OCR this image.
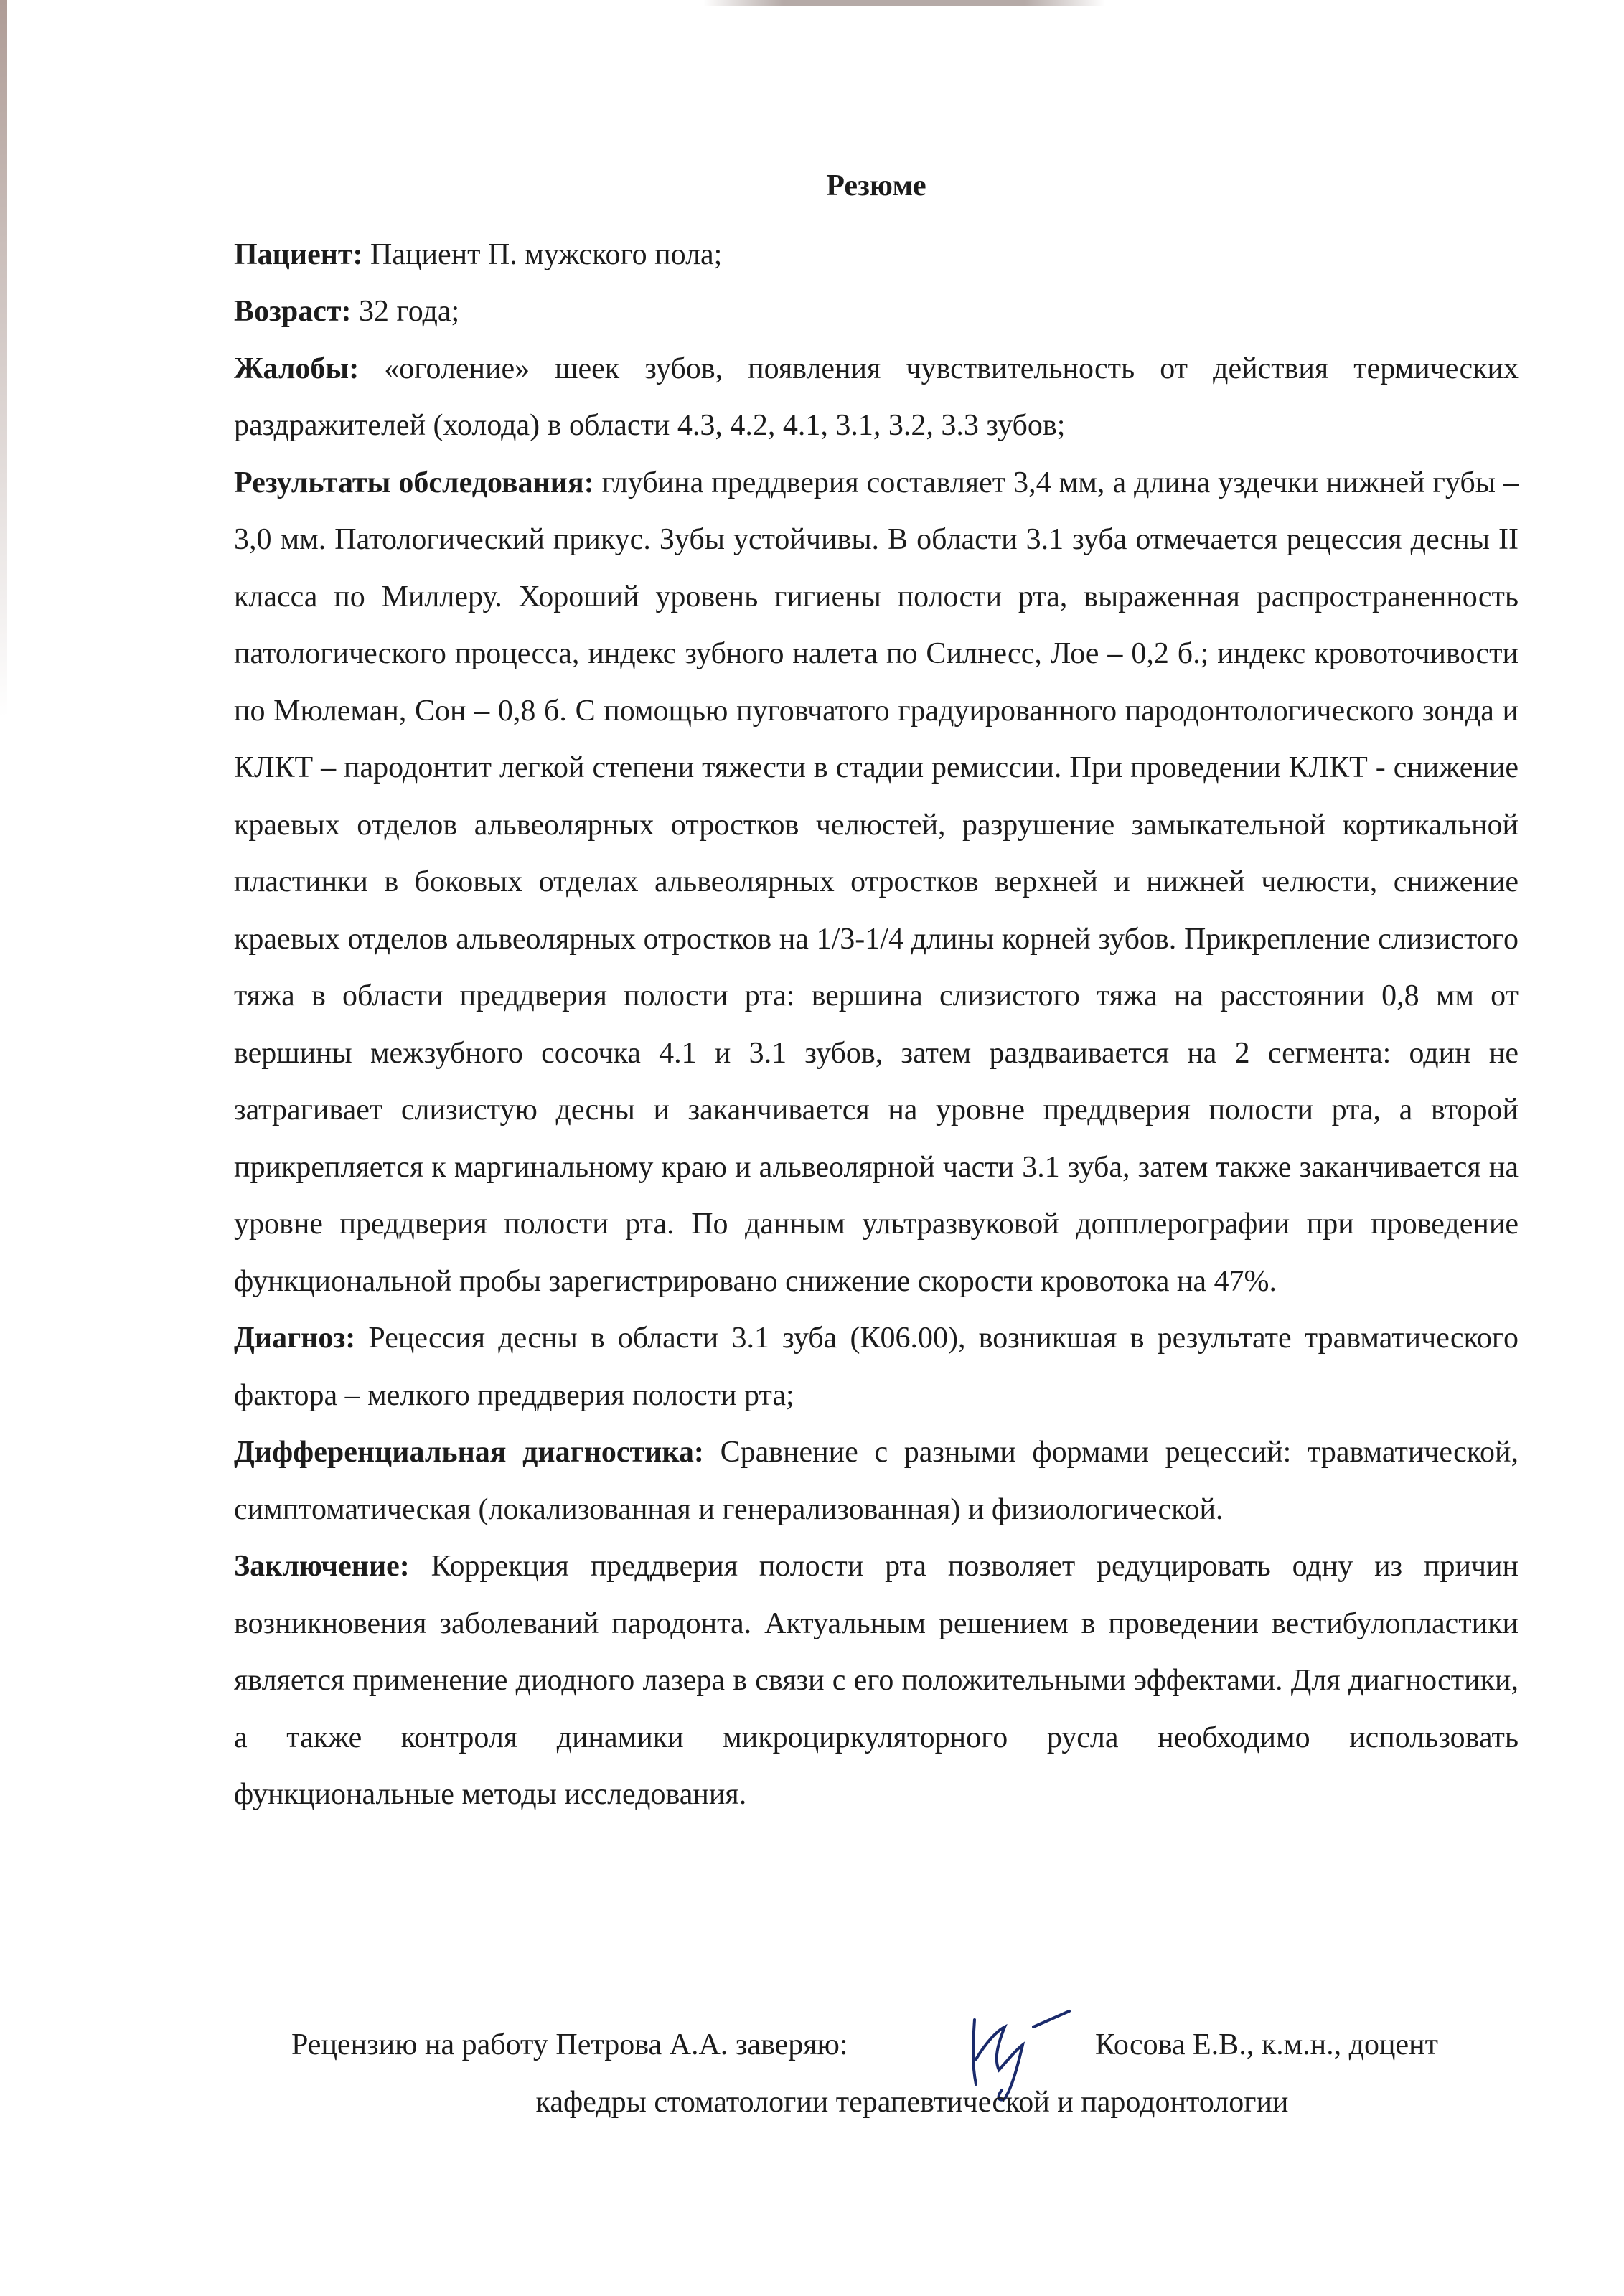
Резюме

Пациент: Пациент П. мужского пола;

Возраст: 32 года;

Жалобы: «оголение» шеек зубов, появления чувствительность от действия термических раздражителей (холода) в области 4.3, 4.2, 4.1, 3.1, 3.2, 3.3 зубов;

Результаты обследования: глубина преддверия составляет 3,4 мм, а длина уздечки нижней губы – 3,0 мм. Патологический прикус. Зубы устойчивы. В области 3.1 зуба отмечается рецессия десны II класса по Миллеру. Хороший уровень гигиены полости рта, выраженная распространенность патологического процесса, индекс зубного налета по Силнесс, Лое – 0,2 б.; индекс кровоточивости по Мюлеман, Сон – 0,8 б. С помощью пуговчатого градуированного пародонтологического зонда и КЛКТ – пародонтит легкой степени тяжести в стадии ремиссии. При проведении КЛКТ - снижение краевых отделов альвеолярных отростков челюстей, разрушение замыкательной кортикальной пластинки в боковых отделах альвеолярных отростков верхней и нижней челюсти, снижение краевых отделов альвеолярных отростков на 1/3-1/4 длины корней зубов. Прикрепление слизистого тяжа в области преддверия полости рта: вершина слизистого тяжа на расстоянии 0,8 мм от вершины межзубного сосочка 4.1 и 3.1 зубов, затем раздваивается на 2 сегмента: один не затрагивает слизистую десны и заканчивается на уровне преддверия полости рта, а второй прикрепляется к маргинальному краю и альвеолярной части 3.1 зуба, затем также заканчивается на уровне преддверия полости рта. По данным ультразвуковой допплерографии при проведение функциональной пробы зарегистрировано снижение скорости кровотока на 47%.

Диагноз: Рецессия десны в области 3.1 зуба (К06.00), возникшая в результате травматического фактора – мелкого преддверия полости рта;

Дифференциальная диагностика: Сравнение с разными формами рецессий: травматической, симптоматическая (локализованная и генерализованная) и физиологической.

Заключение: Коррекция преддверия полости рта позволяет редуцировать одну из причин возникновения заболеваний пародонта. Актуальным решением в проведении вестибулопластики является применение диодного лазера в связи с его положительными эффектами. Для диагностики, а также контроля динамики микроциркуляторного русла необходимо использовать функциональные методы исследования.

Рецензию на работу Петрова А.А. заверяю:	Косова Е.В., к.м.н., доцент
кафедры стоматологии терапевтической и пародонтологии
